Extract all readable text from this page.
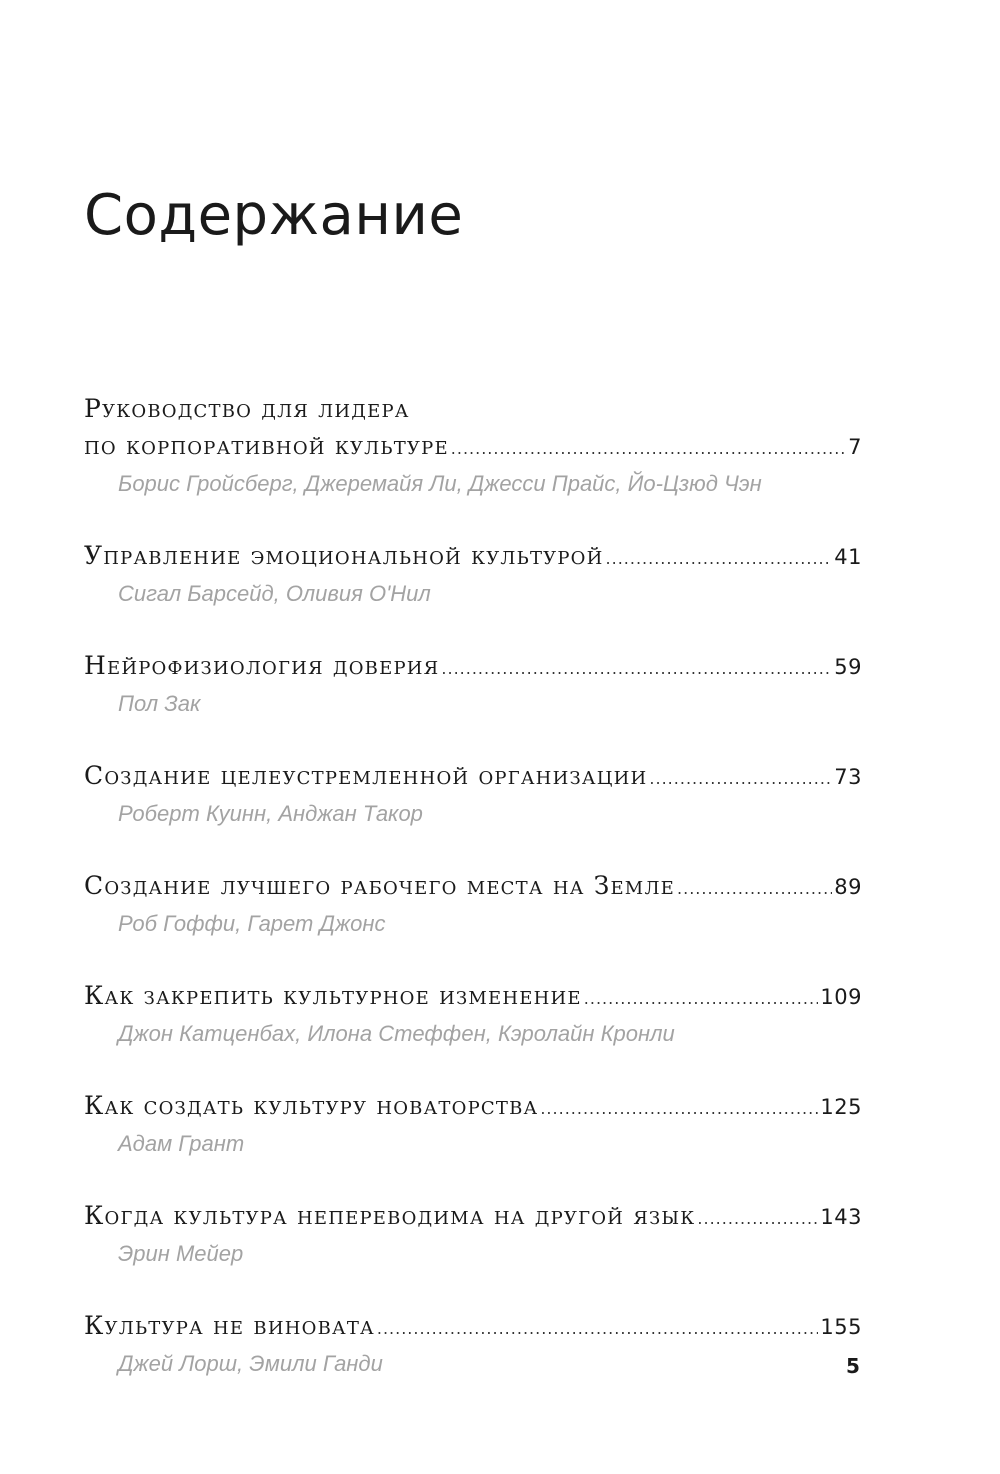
Содержание
Руководство для лидера
по корпоративной культуре .....	7
Борис Гройсберг, Джеремайя Ли, Джесси Прайс, Йо-Цзюд Чэн
Управление эмоциональной культурой .....	41
Сигал Барсейд, Оливия О'Нил
Нейрофизиология доверия .....	59
Пол Зак
Создание целеустремленной организации .....	73
Роберт Куинн, Анджан Такор
Создание лучшего рабочего места на Земле .....	89
Роб Гоффи, Гарет Джонс
Как закрепить культурное изменение .....	109
Джон Катценбах, Илона Стеффен, Кэролайн Кронли
Как создать культуру новаторства .....	125
Адам Грант
Когда культура непереводима на другой язык .....	143
Эрин Мейер
Культура не виновата .....	155
Джей Лорш, Эмили Ганди	5
